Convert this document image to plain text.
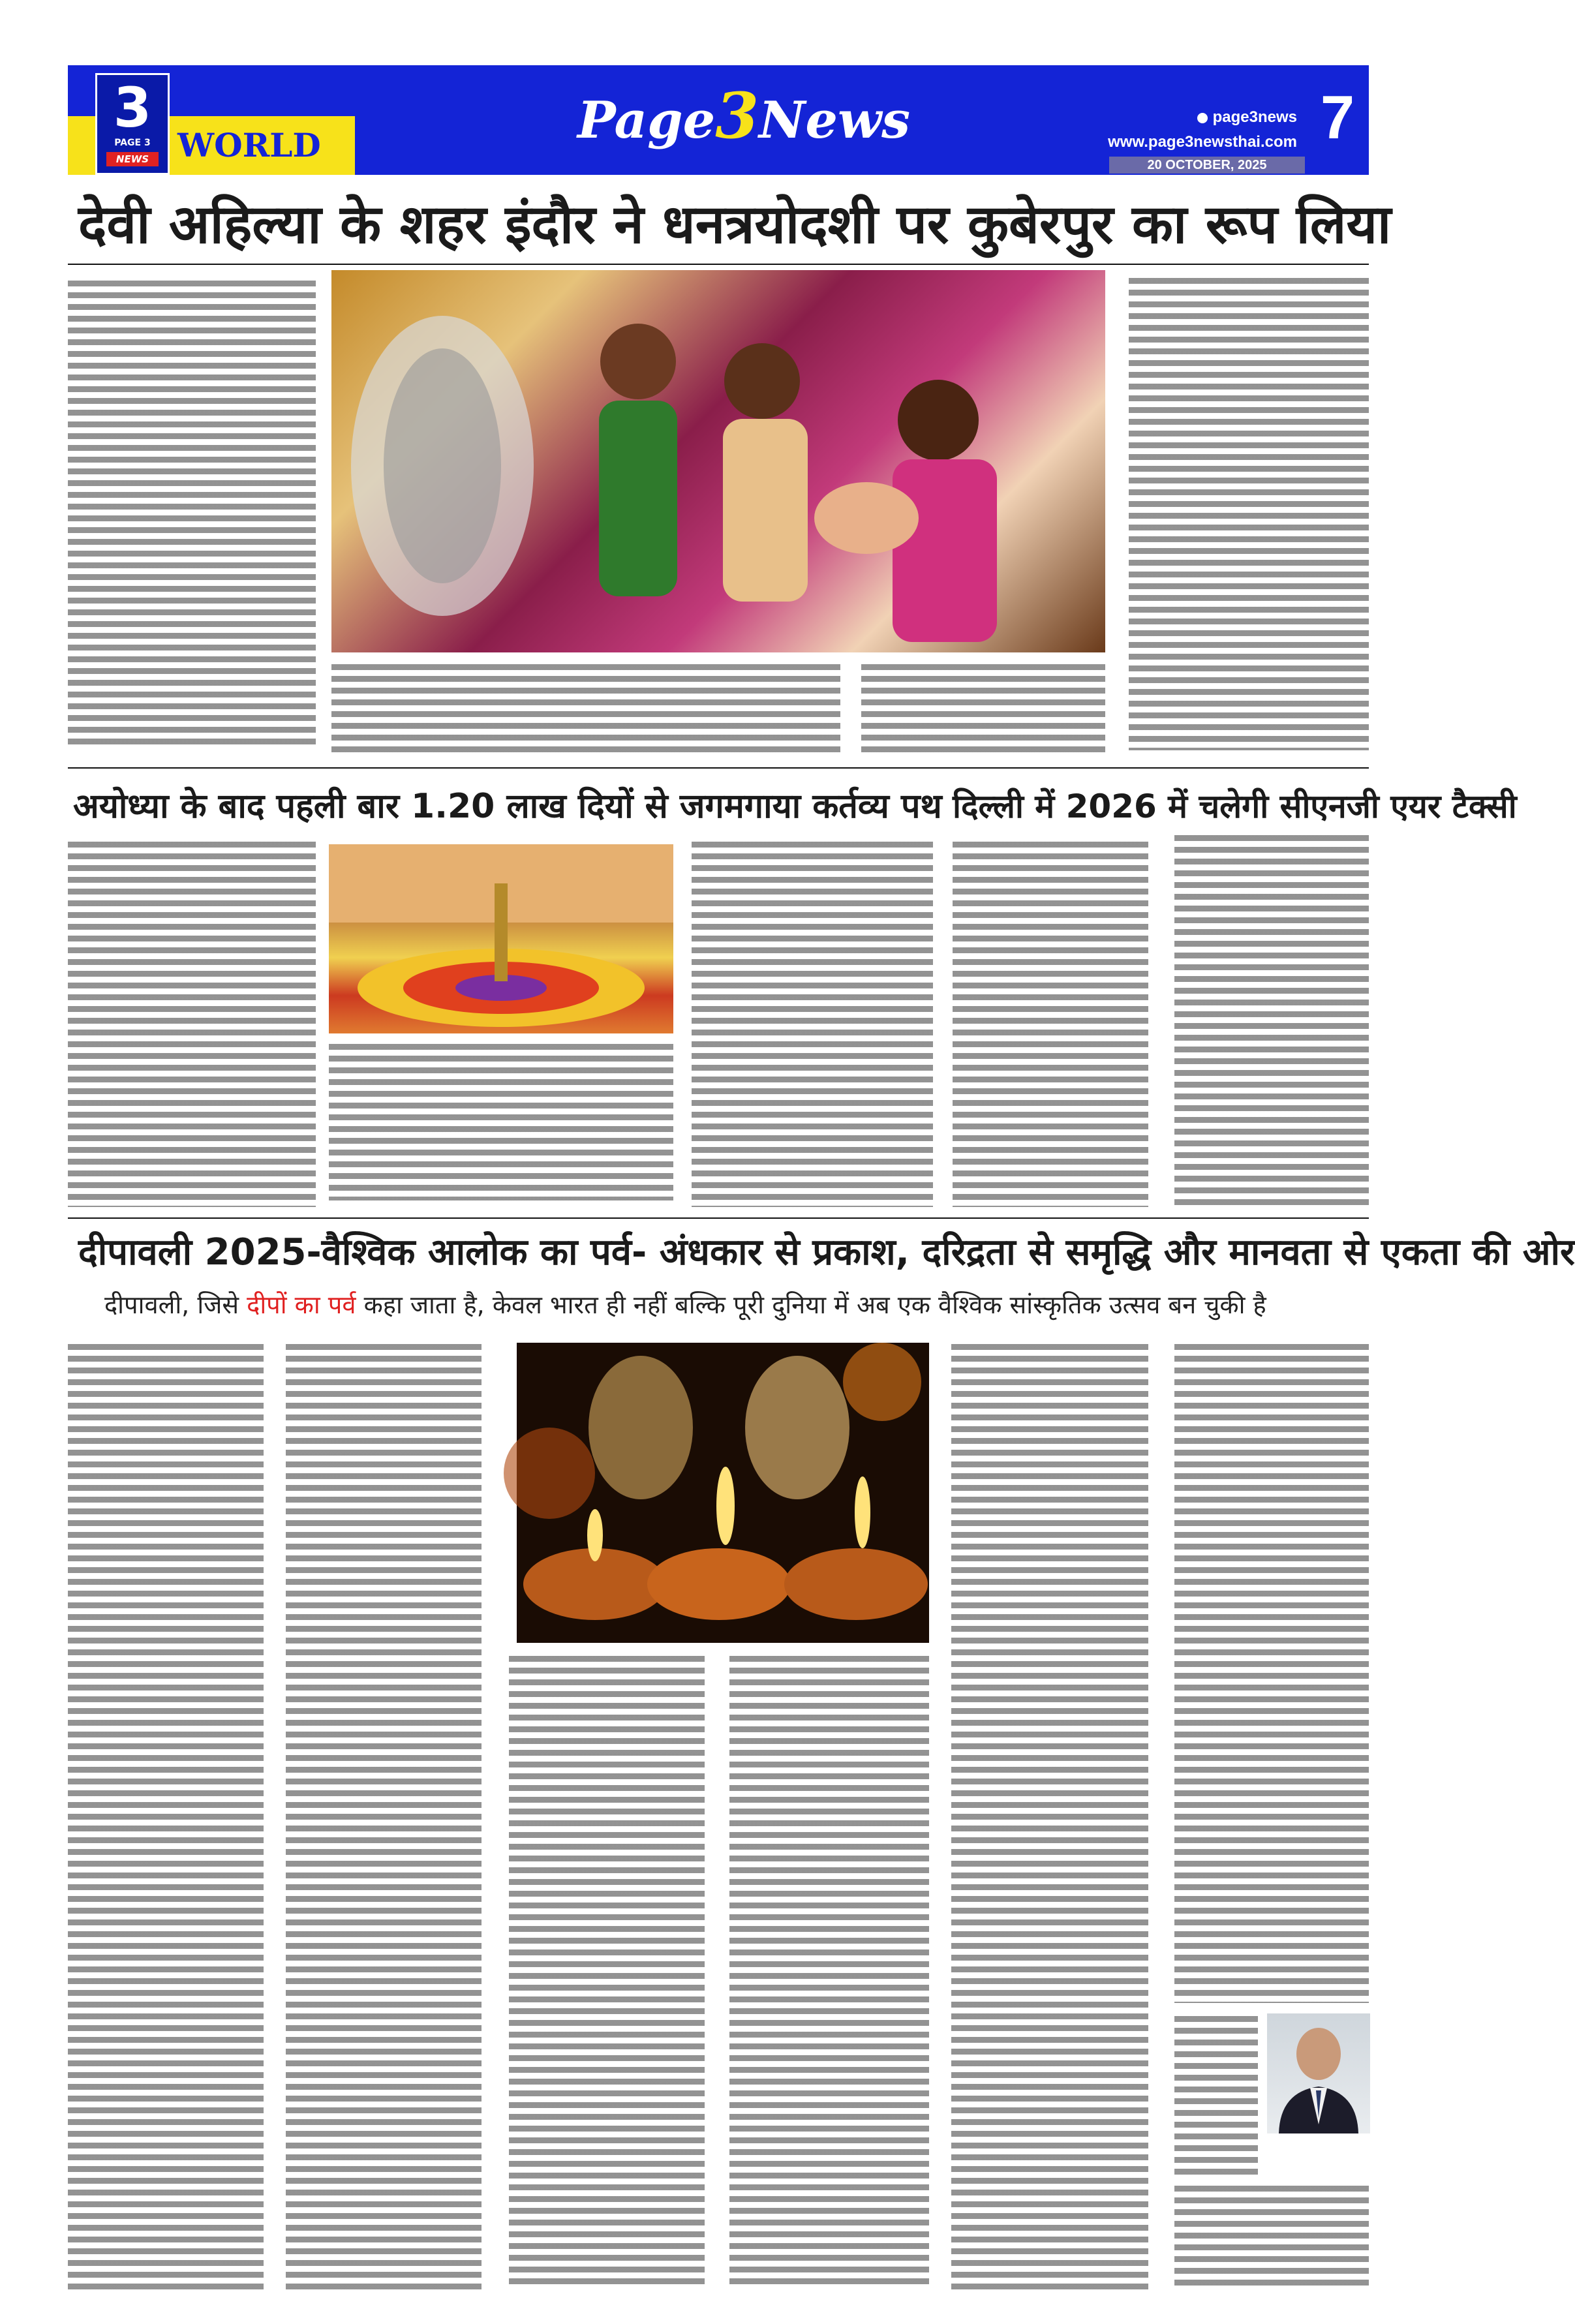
3
PAGE 3
NEWS WORLD	Page3News	page3news
www.page3newsthai.com 7
20 OCTOBER, 2025
देवी अहिल्या के शहर इंदौर ने धनत्रयोदशी पर कुबेरपुर का रूप लिया
अयोध्या के बाद पहली बार 1.20 लाख दियों से जगमगाया कर्तव्य पथ दिल्ली में 2026 में चलेगी सीएनजी एयर टैक्सी
दीपावली 2025-वैश्विक आलोक का पर्व- अंधकार से प्रकाश, दरिद्रता से समृद्धि और मानवता से एकता की ओर
दीपावली, जिसे दीपों का पर्व कहा जाता है, केवल भारत ही नहीं बल्कि पूरी दुनिया में अब एक वैश्विक सांस्कृतिक उत्सव बन चुकी है
